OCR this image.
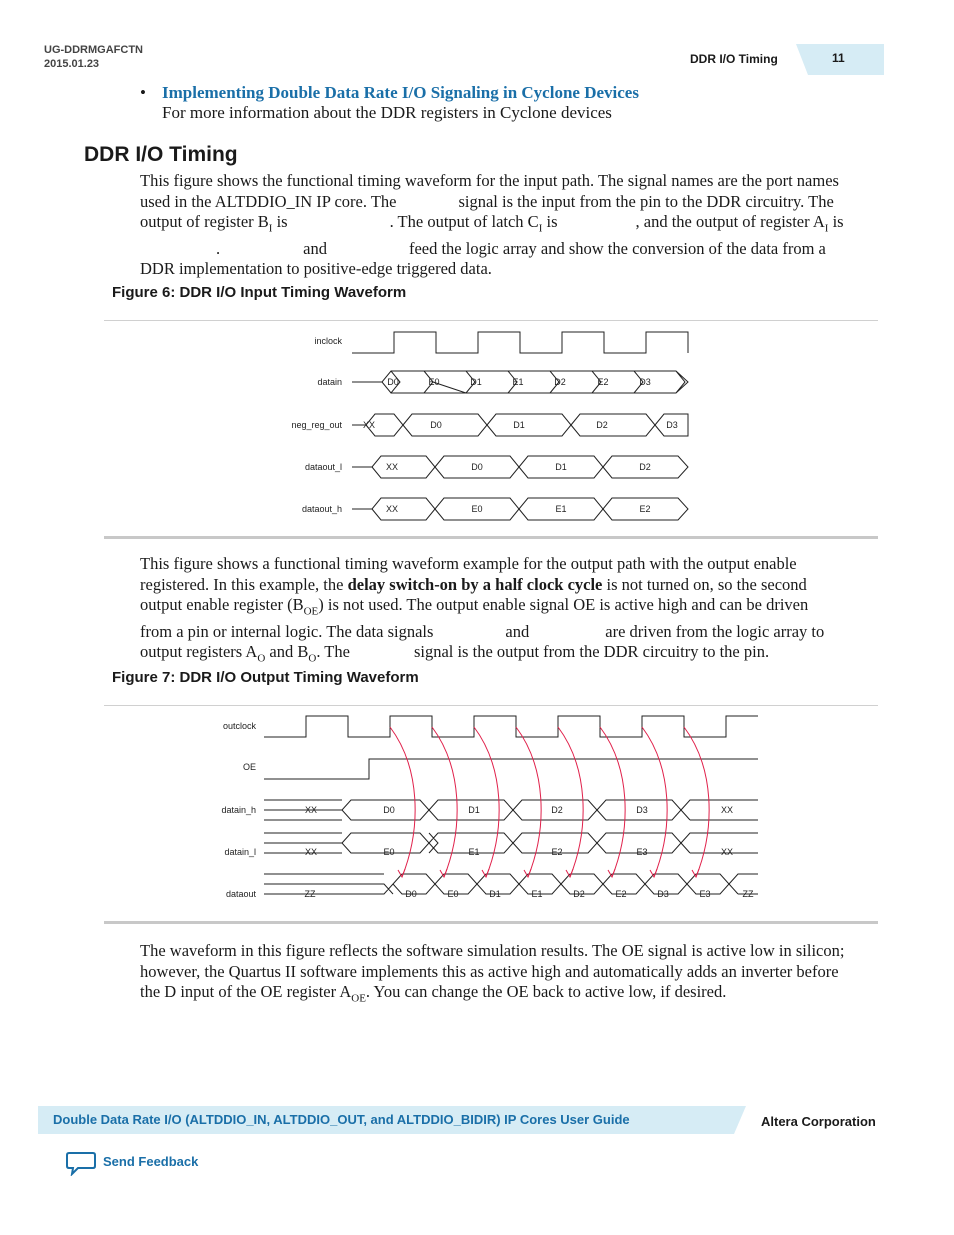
UG-DDRMGAFCTN
2015.01.23	DDR I/O Timing	11
• Implementing Double Data Rate I/O Signaling in Cyclone Devices
For more information about the DDR registers in Cyclone devices
DDR I/O Timing
This figure shows the functional timing waveform for the input path. The signal names are the port names
used in the ALTDDIO_IN IP core. The	signal is the input from the pin to the DDR circuitry. The
output of register $B_I$ is	. The output of latch $C_I$ is	, and the output of register $A_I$ is
.	and	feed the logic array and show the conversion of the data from a
DDR implementation to positive-edge triggered data.
Figure 6: DDR I/O Input Timing Waveform
inclock
datain
neg_reg_out
dataout_l
dataout_h
D0	E0	D1	E1	D2	E2	D3
XX	D0	D1	D2	D3
XX	D0	D1	D2
XX	E0	E1	E2
This figure shows a functional timing waveform example for the output path with the output enable
registered. In this example, the delay switch-on by a half clock cycle is not turned on, so the second
output enable register $(B_{OE})$ is not used. The output enable signal OE is active high and can be driven
from a pin or internal logic. The data signals	and	are driven from the logic array to
output registers $A_O$ and $B_O$. The	signal is the output from the DDR circuitry to the pin.
Figure 7: DDR I/O Output Timing Waveform
outclock
OE
datain_h
datain_l
dataout
XX	D0	D1	D2	D3	XX
XX	E0	E1	E2	E3	XX
ZZ	D0	E0	D1	E1	D2	E2	D3	E3	ZZ
The waveform in this figure reflects the software simulation results. The OE signal is active low in silicon;
however, the Quartus II software implements this as active high and automatically adds an inverter before
the D input of the OE register $A_{OE}$. You can change the OE back to active low, if desired.
Double Data Rate I/O (ALTDDIO_IN, ALTDDIO_OUT, and ALTDDIO_BIDIR) IP Cores User Guide	Altera Corporation
Send Feedback
